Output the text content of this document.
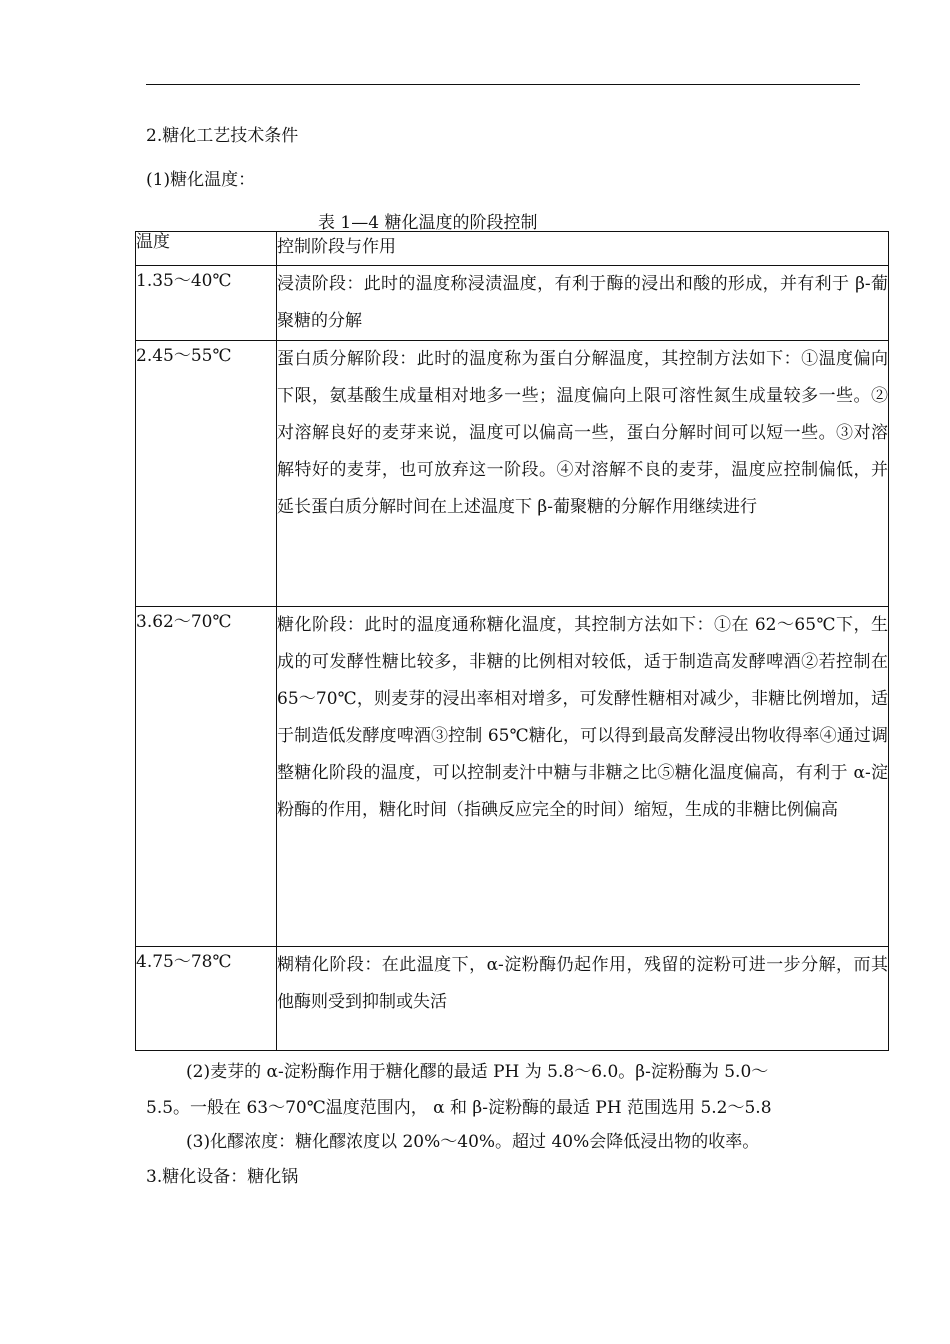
2.糖化工艺技术条件
(1)糖化温度：
表 1—4 糖化温度的阶段控制
温度	控制阶段与作用
1.35～40℃	浸渍阶段：此时的温度称浸渍温度，有利于酶的浸出和酸的形成，并有利于 β-葡聚糖的分解
2.45～55℃	蛋白质分解阶段：此时的温度称为蛋白分解温度，其控制方法如下：①温度偏向下限，氨基酸生成量相对地多一些；温度偏向上限可溶性氮生成量较多一些。②对溶解良好的麦芽来说，温度可以偏高一些，蛋白分解时间可以短一些。③对溶解特好的麦芽，也可放弃这一阶段。④对溶解不良的麦芽，温度应控制偏低，并延长蛋白质分解时间在上述温度下 β-葡聚糖的分解作用继续进行
3.62～70℃	糖化阶段：此时的温度通称糖化温度，其控制方法如下：①在 62～65℃下，生成的可发酵性糖比较多，非糖的比例相对较低，适于制造高发酵啤酒②若控制在 65～70℃，则麦芽的浸出率相对增多，可发酵性糖相对减少，非糖比例增加，适于制造低发酵度啤酒③控制 65℃糖化，可以得到最高发酵浸出物收得率④通过调整糖化阶段的温度，可以控制麦汁中糖与非糖之比⑤糖化温度偏高，有利于 α-淀粉酶的作用，糖化时间（指碘反应完全的时间）缩短，生成的非糖比例偏高
4.75～78℃	糊精化阶段：在此温度下，α-淀粉酶仍起作用，残留的淀粉可进一步分解，而其他酶则受到抑制或失活
(2)麦芽的 α-淀粉酶作用于糖化醪的最适 PH 为 5.8～6.0。β-淀粉酶为 5.0～
5.5。一般在 63～70℃温度范围内， α 和 β-淀粉酶的最适 PH 范围选用 5.2～5.8
(3)化醪浓度：糖化醪浓度以 20%～40%。超过 40%会降低浸出物的收率。
3.糖化设备：糖化锅
